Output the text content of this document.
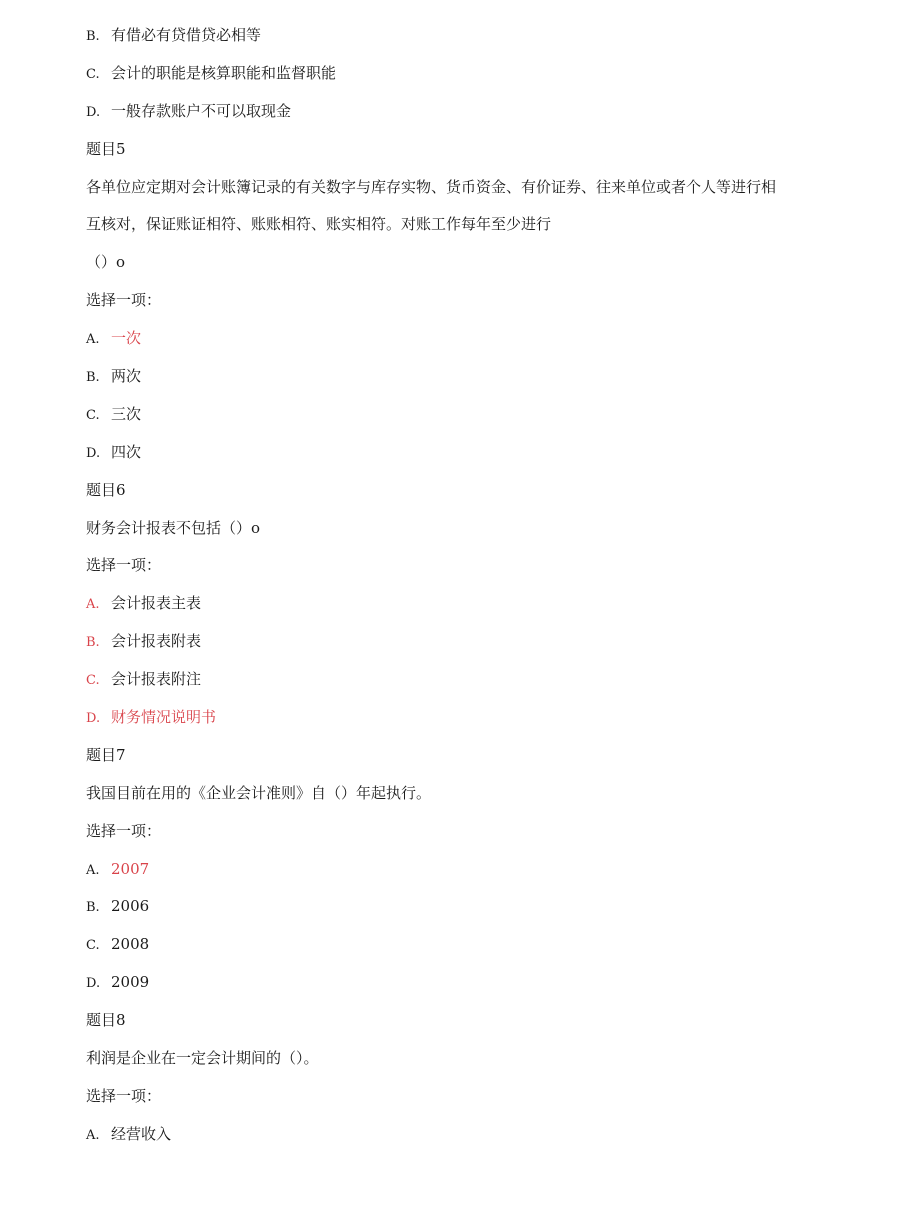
B. 有借必有贷借贷必相等
C. 会计的职能是核算职能和监督职能
D. 一般存款账户不可以取现金
题目5
各单位应定期对会计账簿记录的有关数字与库存实物、货币资金、有价证券、往来单位或者个人等进行相
互核对，保证账证相符、账账相符、账实相符。对账工作每年至少进行
（）o
选择一项：
A. 一次
B. 两次
C. 三次
D. 四次
题目6
财务会计报表不包括（）o
选择一项：
A. 会计报表主表
B. 会计报表附表
C. 会计报表附注
D. 财务情况说明书
题目7
我国目前在用的《企业会计准则》自（）年起执行。
选择一项：
A. 2007
B. 2006
C. 2008
D. 2009
题目8
利润是企业在一定会计期间的（）。
选择一项：
A. 经营收入
